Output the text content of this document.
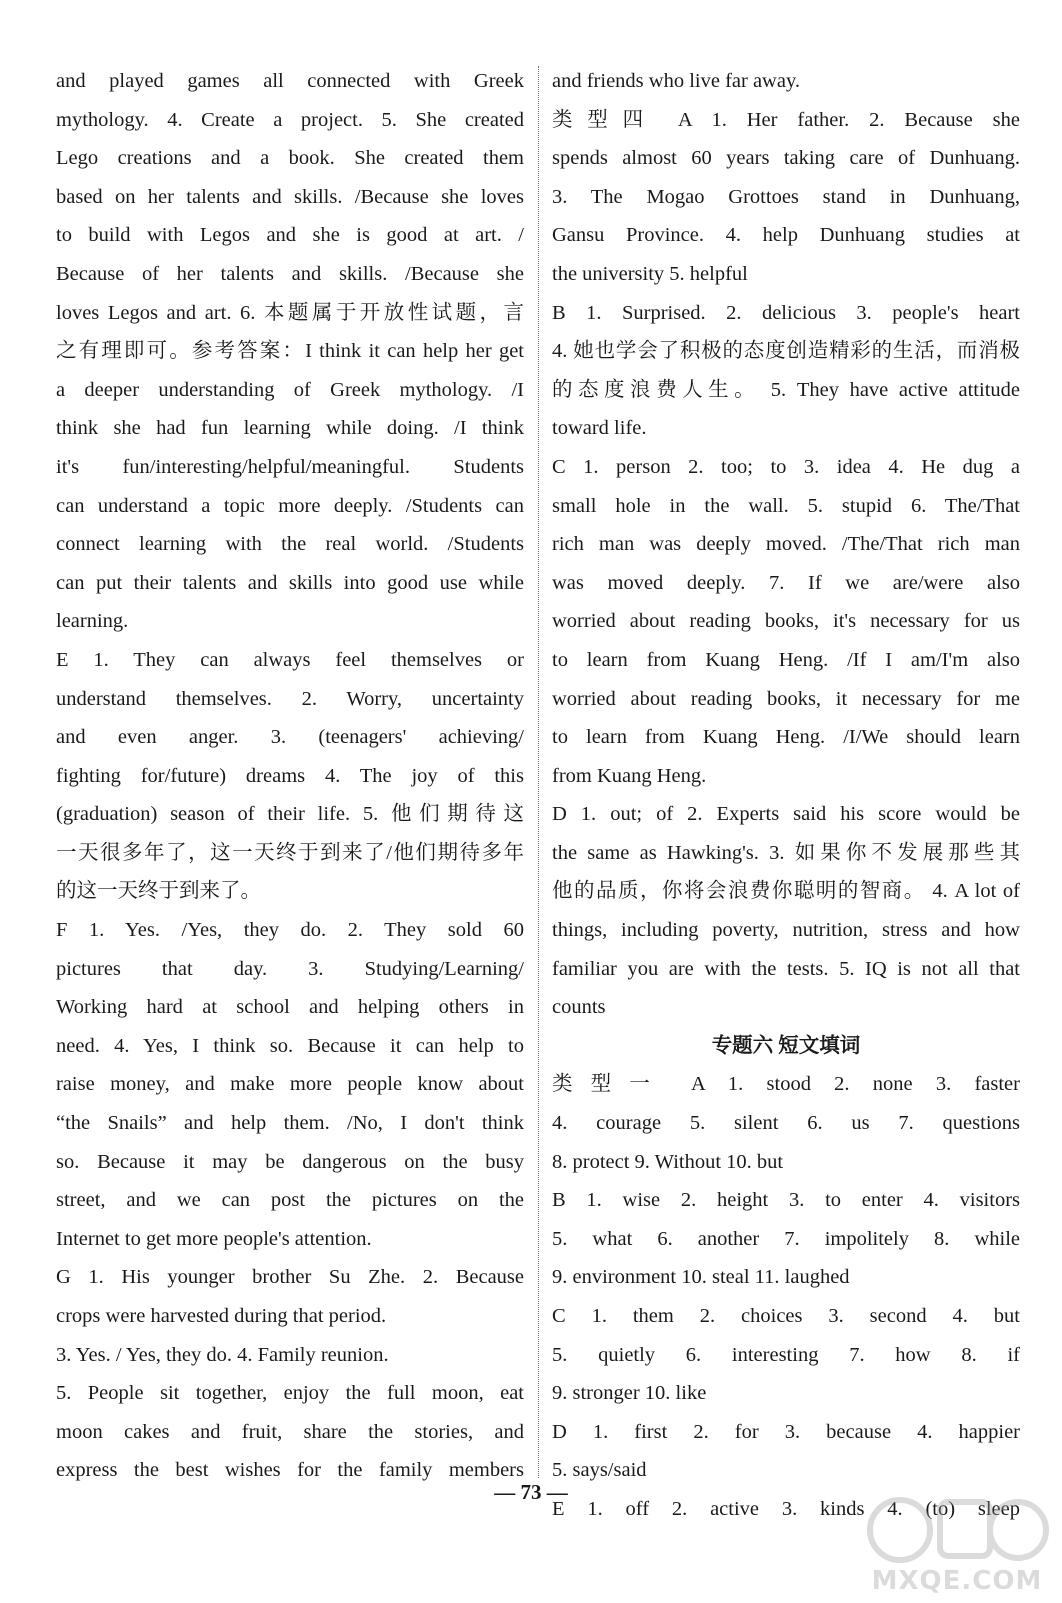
and played games all connected with Greek
mythology. 4. Create a project. 5. She created
Lego creations and a book. She created them
based on her talents and skills. /Because she loves
to build with Legos and she is good at art. /
Because of her talents and skills. /Because she
loves Legos and art. 6. 本题属于开放性试题，言
之有理即可。参考答案：I think it can help her get
a deeper understanding of Greek mythology. /I
think she had fun learning while doing. /I think
it's fun/interesting/helpful/meaningful. Students
can understand a topic more deeply. /Students can
connect learning with the real world. /Students
can put their talents and skills into good use while
learning.
E 1. They can always feel themselves or
understand themselves. 2. Worry, uncertainty
and even anger. 3. (teenagers' achieving/
fighting for/future) dreams 4. The joy of this
(graduation) season of their life. 5. 他们期待这
一天很多年了，这一天终于到来了/他们期待多年
的这一天终于到来了。
F 1. Yes. /Yes, they do. 2. They sold 60
pictures that day. 3. Studying/Learning/
Working hard at school and helping others in
need. 4. Yes, I think so. Because it can help to
raise money, and make more people know about
“the Snails” and help them. /No, I don't think
so. Because it may be dangerous on the busy
street, and we can post the pictures on the
Internet to get more people's attention.
G 1. His younger brother Su Zhe. 2. Because
crops were harvested during that period.
3. Yes. / Yes, they do. 4. Family reunion.
5. People sit together, enjoy the full moon, eat
moon cakes and fruit, share the stories, and
express the best wishes for the family members
and friends who live far away.
类型四 A 1. Her father. 2. Because she
spends almost 60 years taking care of Dunhuang.
3. The Mogao Grottoes stand in Dunhuang,
Gansu Province. 4. help Dunhuang studies at
the university 5. helpful
B 1. Surprised. 2. delicious 3. people's heart
4. 她也学会了积极的态度创造精彩的生活，而消极
的态度浪费人生。 5. They have active attitude
toward life.
C 1. person 2. too; to 3. idea 4. He dug a
small hole in the wall. 5. stupid 6. The/That
rich man was deeply moved. /The/That rich man
was moved deeply. 7. If we are/were also
worried about reading books, it's necessary for us
to learn from Kuang Heng. /If I am/I'm also
worried about reading books, it necessary for me
to learn from Kuang Heng. /I/We should learn
from Kuang Heng.
D 1. out; of 2. Experts said his score would be
the same as Hawking's. 3. 如果你不发展那些其
他的品质，你将会浪费你聪明的智商。 4. A lot of
things, including poverty, nutrition, stress and how
familiar you are with the tests. 5. IQ is not all that
counts
专题六 短文填词
类型一 A 1. stood 2. none 3. faster
4. courage 5. silent 6. us 7. questions
8. protect 9. Without 10. but
B 1. wise 2. height 3. to enter 4. visitors
5. what 6. another 7. impolitely 8. while
9. environment 10. steal 11. laughed
C 1. them 2. choices 3. second 4. but
5. quietly 6. interesting 7. how 8. if
9. stronger 10. like
D 1. first 2. for 3. because 4. happier
5. says/said
E 1. off 2. active 3. kinds 4. (to) sleep
— 73 —
MXQE.COM
